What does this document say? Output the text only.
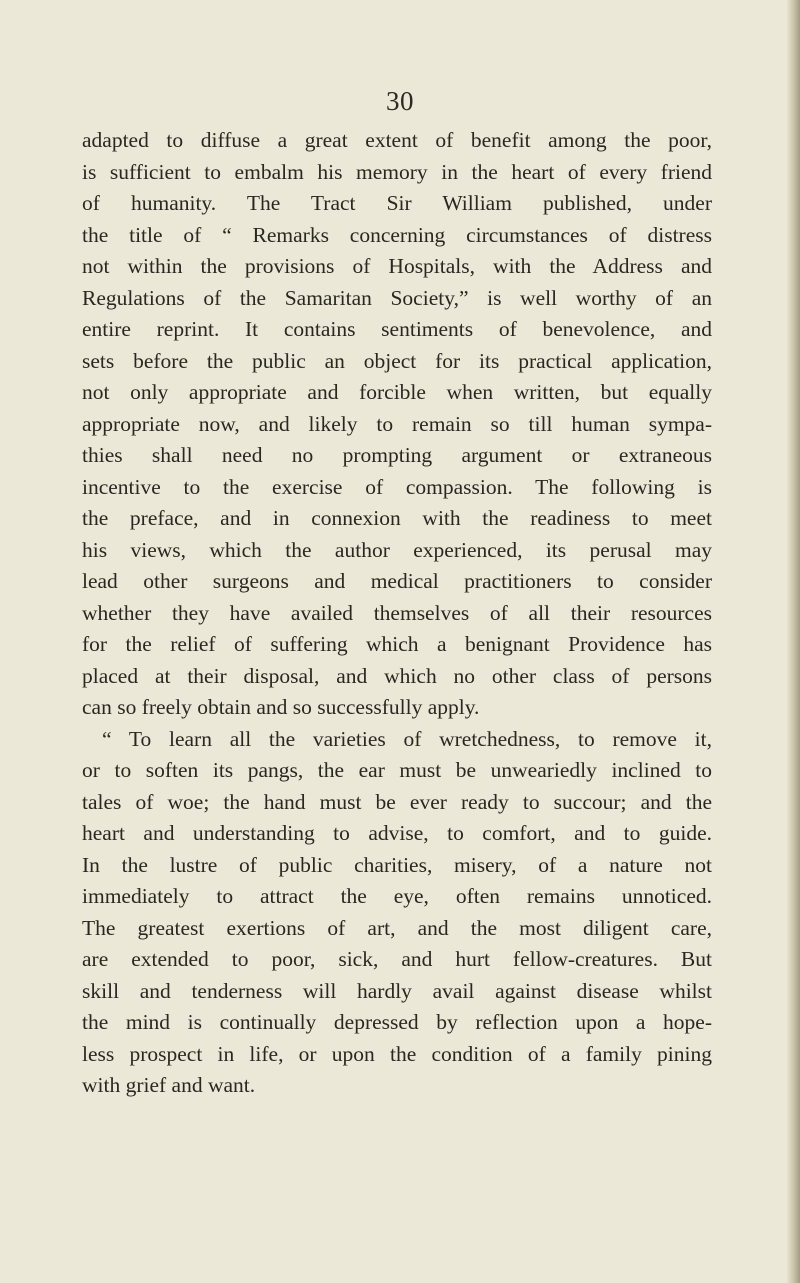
30
adapted to diffuse a great extent of benefit among the poor,
is sufficient to embalm his memory in the heart of every friend
of humanity. The Tract Sir William published, under
the title of “ Remarks concerning circumstances of distress
not within the provisions of Hospitals, with the Address and
Regulations of the Samaritan Society,” is well worthy of an
entire reprint. It contains sentiments of benevolence, and
sets before the public an object for its practical application,
not only appropriate and forcible when written, but equally
appropriate now, and likely to remain so till human sympa-
thies shall need no prompting argument or extraneous
incentive to the exercise of compassion. The following is
the preface, and in connexion with the readiness to meet
his views, which the author experienced, its perusal may
lead other surgeons and medical practitioners to consider
whether they have availed themselves of all their resources
for the relief of suffering which a benignant Providence has
placed at their disposal, and which no other class of persons
can so freely obtain and so successfully apply.
“ To learn all the varieties of wretchedness, to remove it,
or to soften its pangs, the ear must be unweariedly inclined to
tales of woe; the hand must be ever ready to succour; and the
heart and understanding to advise, to comfort, and to guide.
In the lustre of public charities, misery, of a nature not
immediately to attract the eye, often remains unnoticed.
The greatest exertions of art, and the most diligent care,
are extended to poor, sick, and hurt fellow-creatures. But
skill and tenderness will hardly avail against disease whilst
the mind is continually depressed by reflection upon a hope-
less prospect in life, or upon the condition of a family pining
with grief and want.
